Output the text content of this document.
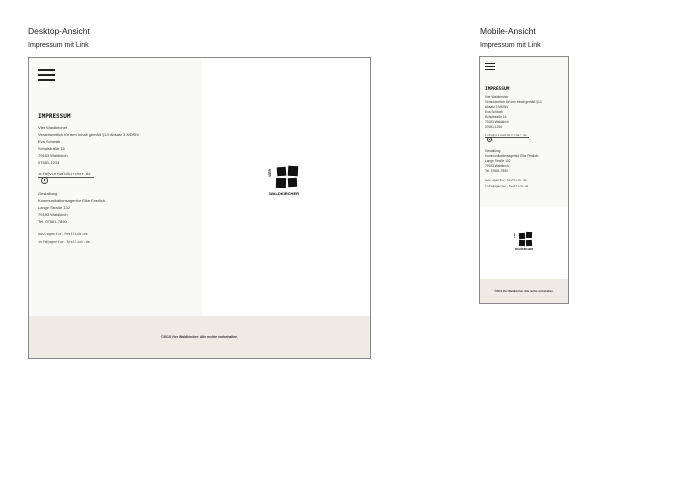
Desktop-Ansicht
Impressum mit Link
Mobile-Ansicht
Impressum mit Link
IMPRESSUM
Vier Waldkircher
Verantwortlich für den Inhalt gemäß §10 Absatz 3 MDStV
Eva Schwab
Schulstraße 16
79183 Waldkirch
07681-1234
info@vierwaldkircher.de
Gestaltung
Kommunikationsagentur Elke Festlich.
Lange Straße 102
79183 Waldkirch
Tel. 07681-7890
www.agentur-festlich.de
info@agentur-festlich.de
VIER
WALDKIRCHER
©2015 Vier Waldkircher. Alle rechte vorbehalten.
IMPRESSUM
Vier Waldkircher
Verantwortlich für den Inhalt gemäß §10
Absatz 3 MDStV
Eva Schwab
Schulstraße 16
79183 Waldkirch
07681-1234
info@vierwaldkircher.de
Gestaltung
Kommunikationsagentur Elke Festlich.
Lange Straße 102
79183 Waldkirch
Tel. 07681-7890
www.agentur-festlich.de
info@agentur-festlich.de
VIER
WALDKIRCHER
©2015 Vier Waldkircher. Alle rechte vorbehalten.
